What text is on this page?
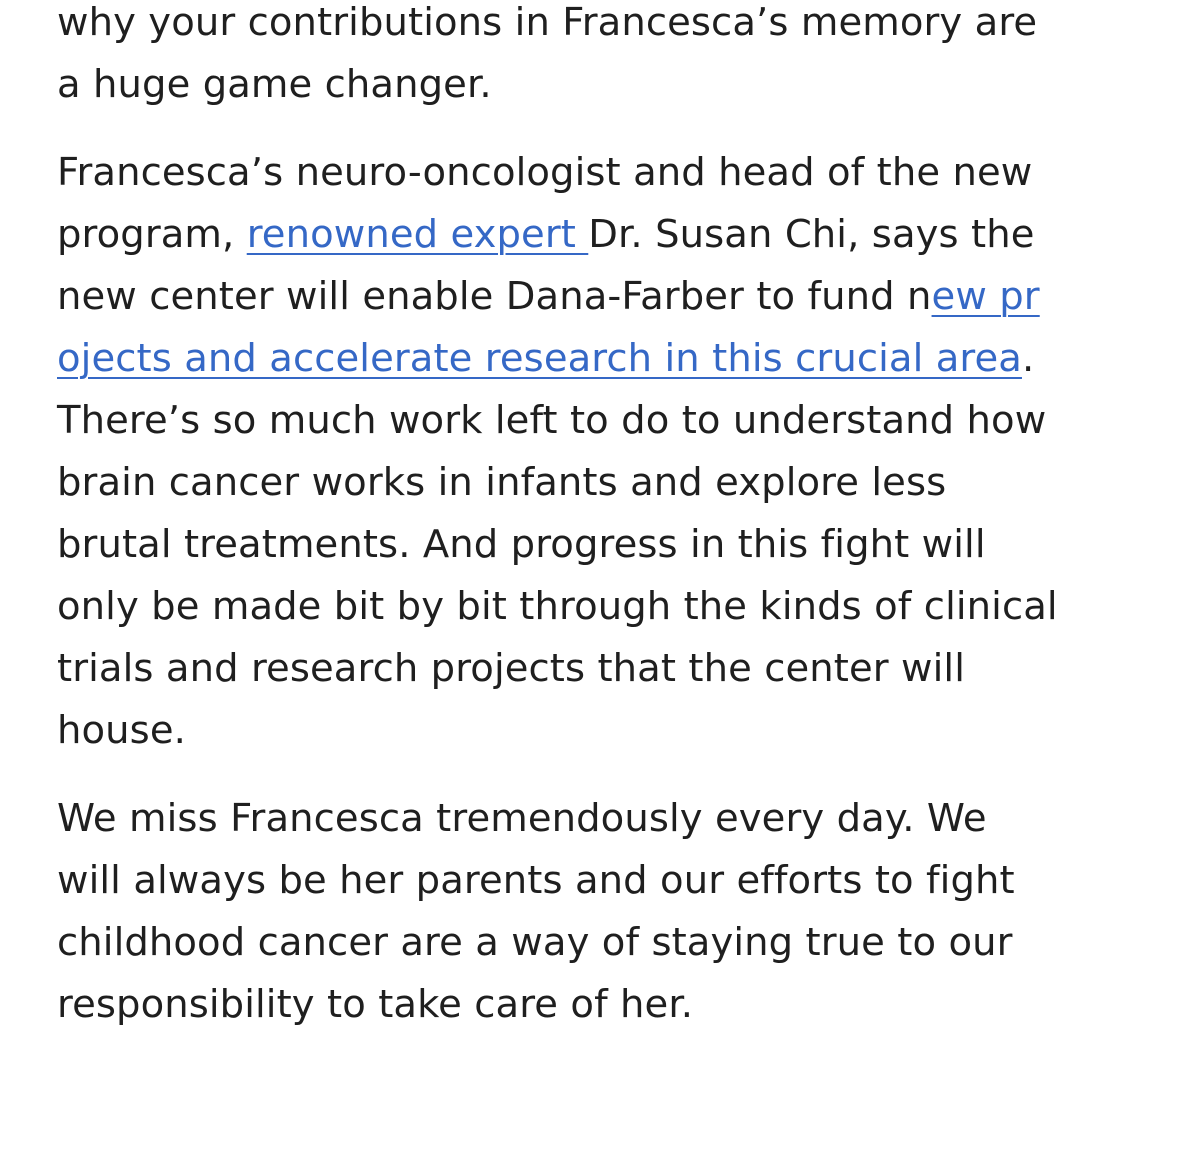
why your contributions in Francesca’s memory are
a huge game changer.

Francesca’s neuro-oncologist and head of the new
program, renowned expert Dr. Susan Chi, says the
new center will enable Dana-Farber to fund new pr
ojects and accelerate research in this crucial area.
There’s so much work left to do to understand how
brain cancer works in infants and explore less
brutal treatments. And progress in this fight will
only be made bit by bit through the kinds of clinical
trials and research projects that the center will
house.

We miss Francesca tremendously every day. We
will always be her parents and our efforts to fight
childhood cancer are a way of staying true to our
responsibility to take care of her.
